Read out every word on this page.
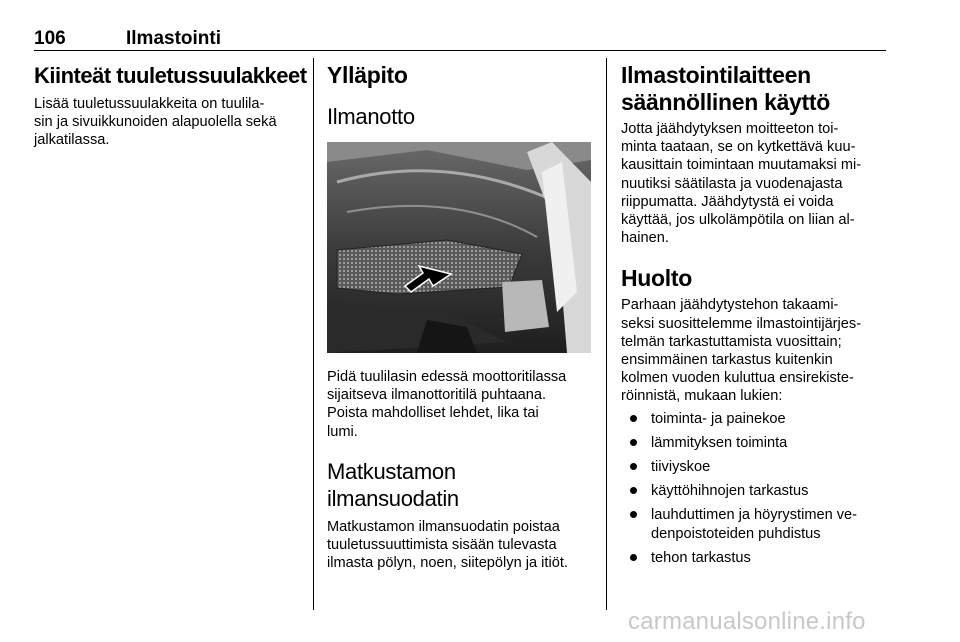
106	Ilmastointi
Kiinteät tuuletussuulakkeet

Lisää tuuletussuulakkeita on tuulila-
sin ja sivuikkunoiden alapuolella sekä
jalkatilassa.

Ylläpito
Ilmanotto

Pidä tuulilasin edessä moottoritilassa
sijaitseva ilmanottoritilä puhtaana.
Poista mahdolliset lehdet, lika tai
lumi.

Matkustamon
ilmansuodatin

Matkustamon ilmansuodatin poistaa
tuuletussuuttimista sisään tulevasta
ilmasta pölyn, noen, siitepölyn ja itiöt.

Ilmastointilaitteen
säännöllinen käyttö

Jotta jäähdytyksen moitteeton toi-
minta taataan, se on kytkettävä kuu-
kausittain toimintaan muutamaksi mi-
nuutiksi säätilasta ja vuodenajasta
riippumatta. Jäähdytystä ei voida
käyttää, jos ulkolämpötila on liian al-
hainen.

Huolto

Parhaan jäähdytystehon takaami-
seksi suosittelemme ilmastointijärjes-
telmän tarkastuttamista vuosittain;
ensimmäinen tarkastus kuitenkin
kolmen vuoden kuluttua ensirekiste-
röinnistä, mukaan lukien:

toiminta- ja painekoe
lämmityksen toiminta
tiiviyskoe
käyttöhihnojen tarkastus
lauhduttimen ja höyrystimen ve-
denpoistoteiden puhdistus
tehon tarkastus
carmanualsonline.info
